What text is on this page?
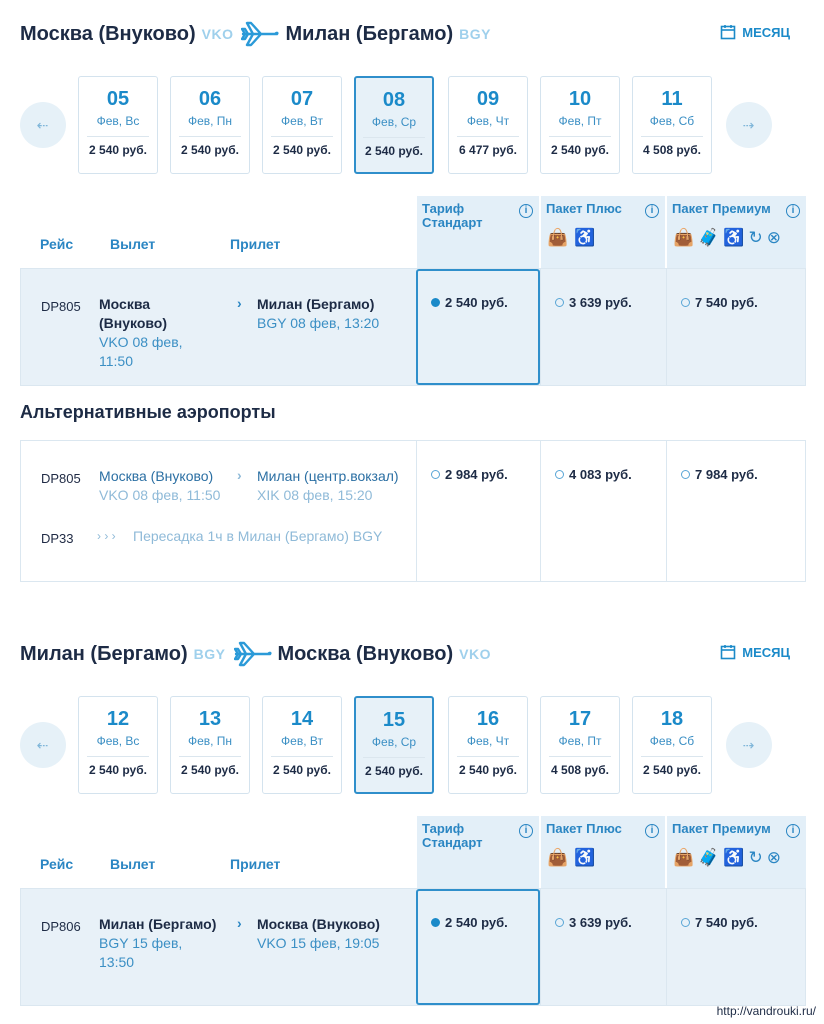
Москва (Внуково) VKO	Милан (Бергамо) BGY	МЕСЯЦ
⇠
05
Фев, Вс
2 540 руб.
06
Фев, Пн
2 540 руб.
07
Фев, Вт
2 540 руб.
08
Фев, Ср
2 540 руб.
09
Фев, Чт
6 477 руб.
10
Фев, Пт
2 540 руб.
11
Фев, Сб
4 508 руб.
⇢
Рейс	Вылет	Прилет
Тариф Стандарт
i	Пакет Плюс	i
👜 ♿
Пакет Премиум	i
👜 🧳 ♿ ↻ ⊗
DP805 Москва (Внуково)
VKO 08 фев, 11:50
› Милан (Бергамо)
BGY 08 фев, 13:20
2 540 руб.	3 639 руб.	7 540 руб.
Альтернативные аэропорты
DP805 Москва (Внуково)
VKO 08 фев, 11:50
› Милан (центр.вокзал)
XIK 08 фев, 15:20
DP33 › › › Пересадка 1ч в Милан (Бергамо) BGY
2 984 руб.	4 083 руб.	7 984 руб.
Милан (Бергамо) BGY	Москва (Внуково) VKO	МЕСЯЦ
⇠
12
Фев, Вс
2 540 руб.
13
Фев, Пн
2 540 руб.
14
Фев, Вт
2 540 руб.
15
Фев, Ср
2 540 руб.
16
Фев, Чт
2 540 руб.
17
Фев, Пт
4 508 руб.
18
Фев, Сб
2 540 руб.
⇢
Рейс	Вылет	Прилет
Тариф Стандарт
i	Пакет Плюс	i
👜 ♿
Пакет Премиум	i
👜 🧳 ♿ ↻ ⊗
DP806 Милан (Бергамо)
BGY 15 фев, 13:50
› Москва (Внуково)
VKO 15 фев, 19:05
2 540 руб.	3 639 руб.	7 540 руб.
http://vandrouki.ru/
